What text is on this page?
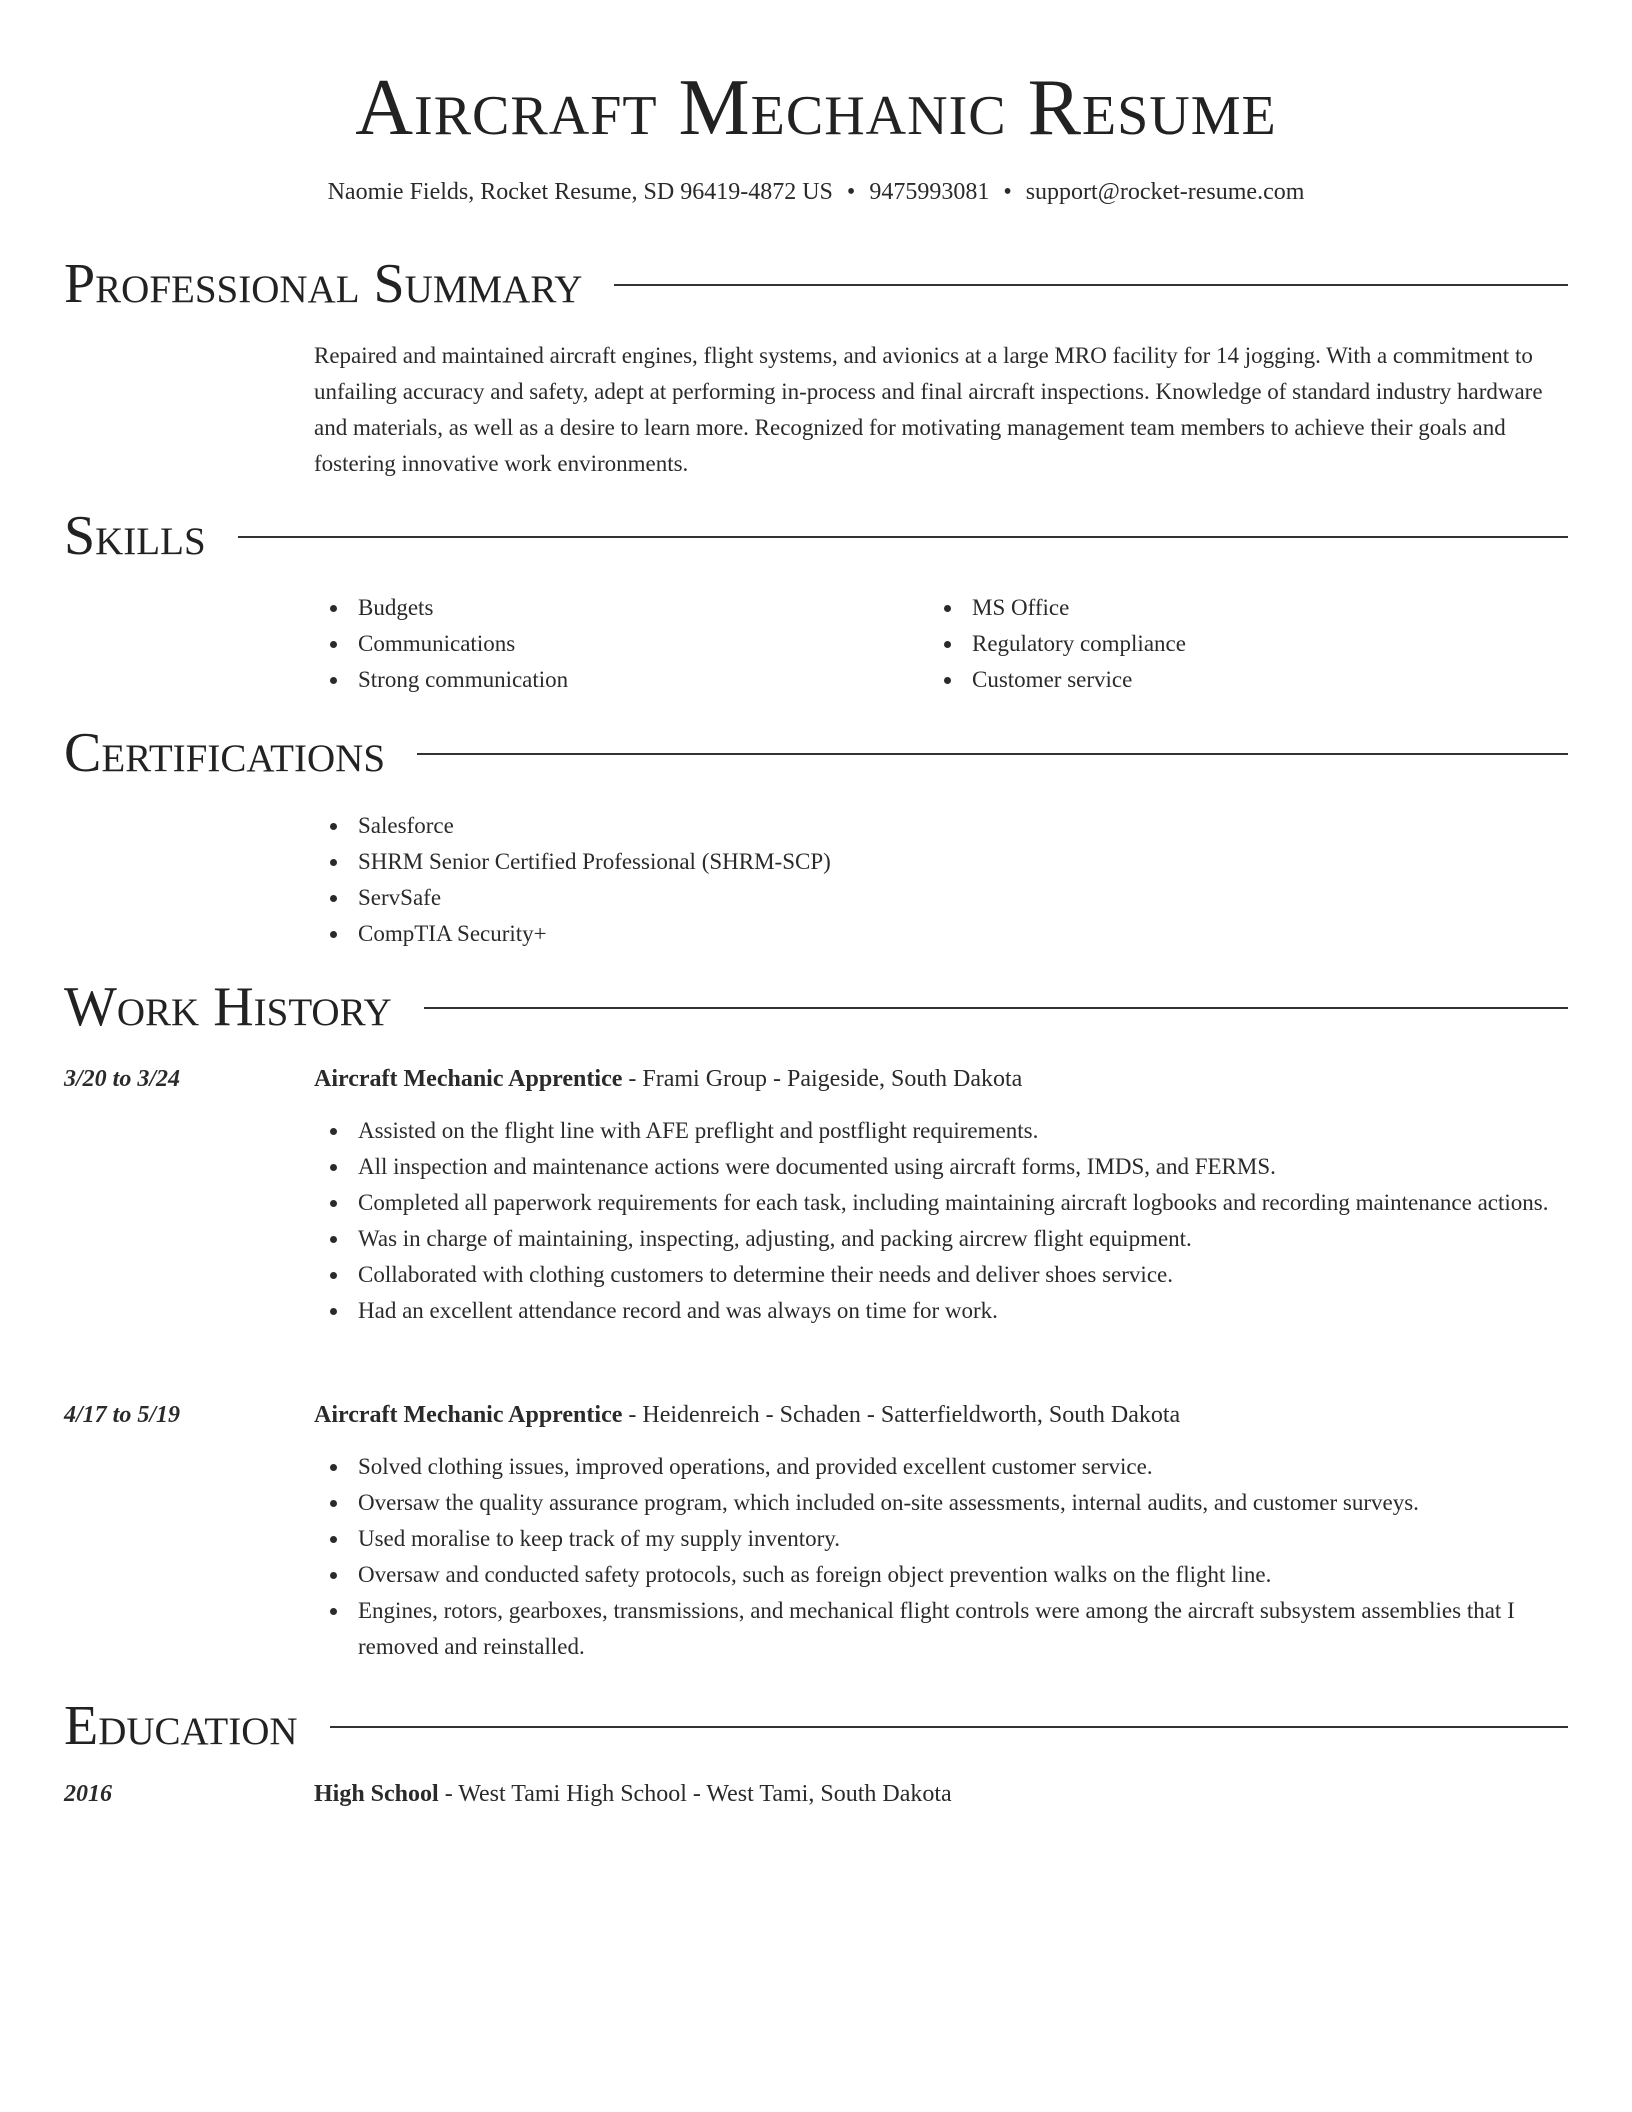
Aircraft Mechanic Resume
Naomie Fields, Rocket Resume, SD 96419-4872 US • 9475993081 • support@rocket-resume.com
Professional Summary
Repaired and maintained aircraft engines, flight systems, and avionics at a large MRO facility for 14 jogging. With a commitment to unfailing accuracy and safety, adept at performing in-process and final aircraft inspections. Knowledge of standard industry hardware and materials, as well as a desire to learn more. Recognized for motivating management team members to achieve their goals and fostering innovative work environments.
Skills
Budgets
Communications
Strong communication
MS Office
Regulatory compliance
Customer service
Certifications
Salesforce
SHRM Senior Certified Professional (SHRM-SCP)
ServSafe
CompTIA Security+
Work History
3/20 to 3/24	Aircraft Mechanic Apprentice - Frami Group - Paigeside, South Dakota
Assisted on the flight line with AFE preflight and postflight requirements.
All inspection and maintenance actions were documented using aircraft forms, IMDS, and FERMS.
Completed all paperwork requirements for each task, including maintaining aircraft logbooks and recording maintenance actions.
Was in charge of maintaining, inspecting, adjusting, and packing aircrew flight equipment.
Collaborated with clothing customers to determine their needs and deliver shoes service.
Had an excellent attendance record and was always on time for work.
4/17 to 5/19	Aircraft Mechanic Apprentice - Heidenreich - Schaden - Satterfieldworth, South Dakota
Solved clothing issues, improved operations, and provided excellent customer service.
Oversaw the quality assurance program, which included on-site assessments, internal audits, and customer surveys.
Used moralise to keep track of my supply inventory.
Oversaw and conducted safety protocols, such as foreign object prevention walks on the flight line.
Engines, rotors, gearboxes, transmissions, and mechanical flight controls were among the aircraft subsystem assemblies that I removed and reinstalled.
Education
2016	High School - West Tami High School - West Tami, South Dakota
